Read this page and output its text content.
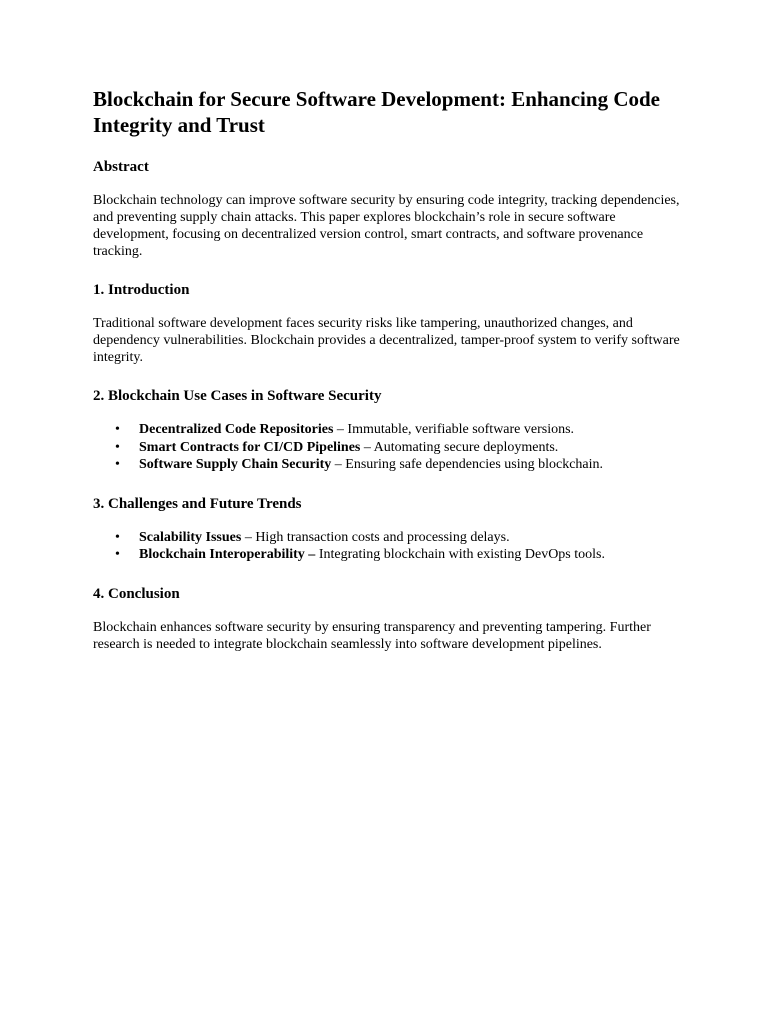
Blockchain for Secure Software Development: Enhancing Code Integrity and Trust
Abstract

Blockchain technology can improve software security by ensuring code integrity, tracking dependencies, and preventing supply chain attacks. This paper explores blockchain’s role in secure software development, focusing on decentralized version control, smart contracts, and software provenance tracking.

1. Introduction

Traditional software development faces security risks like tampering, unauthorized changes, and dependency vulnerabilities. Blockchain provides a decentralized, tamper-proof system to verify software integrity.

2. Blockchain Use Cases in Software Security
• Decentralized Code Repositories – Immutable, verifiable software versions.
• Smart Contracts for CI/CD Pipelines – Automating secure deployments.
• Software Supply Chain Security – Ensuring safe dependencies using blockchain.
3. Challenges and Future Trends
• Scalability Issues – High transaction costs and processing delays.
• Blockchain Interoperability – Integrating blockchain with existing DevOps tools.
4. Conclusion

Blockchain enhances software security by ensuring transparency and preventing tampering. Further research is needed to integrate blockchain seamlessly into software development pipelines.
